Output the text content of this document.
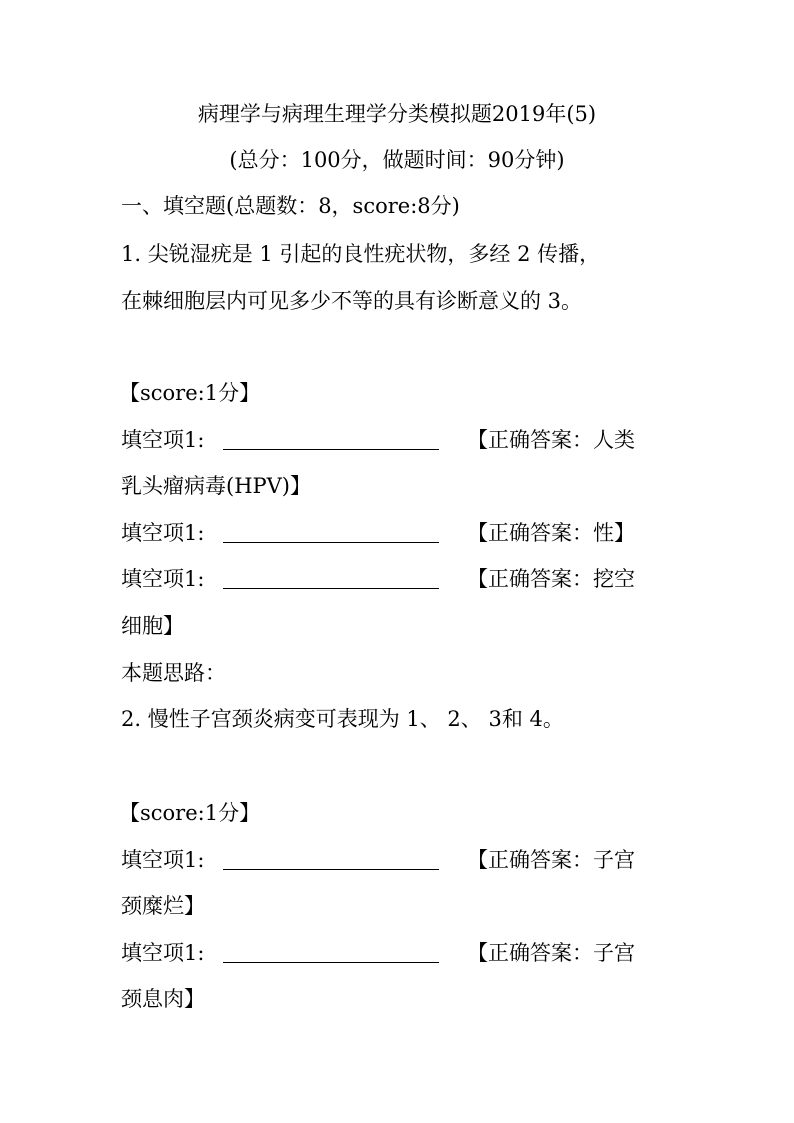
病理学与病理生理学分类模拟题2019年(5)
(总分：100分，做题时间：90分钟)
一、填空题(总题数：8，score:8分)
1. 尖锐湿疣是 1 引起的良性疣状物，多经 2 传播，
在棘细胞层内可见多少不等的具有诊断意义的 3。
【score:1分】
填空项1:	【正确答案：人类
乳头瘤病毒(HPV)】
填空项1:	【正确答案：性】
填空项1:	【正确答案：挖空
细胞】
本题思路：
2. 慢性子宫颈炎病变可表现为 1、 2、 3和 4。
【score:1分】
填空项1:	【正确答案：子宫
颈糜烂】
填空项1:	【正确答案：子宫
颈息肉】
